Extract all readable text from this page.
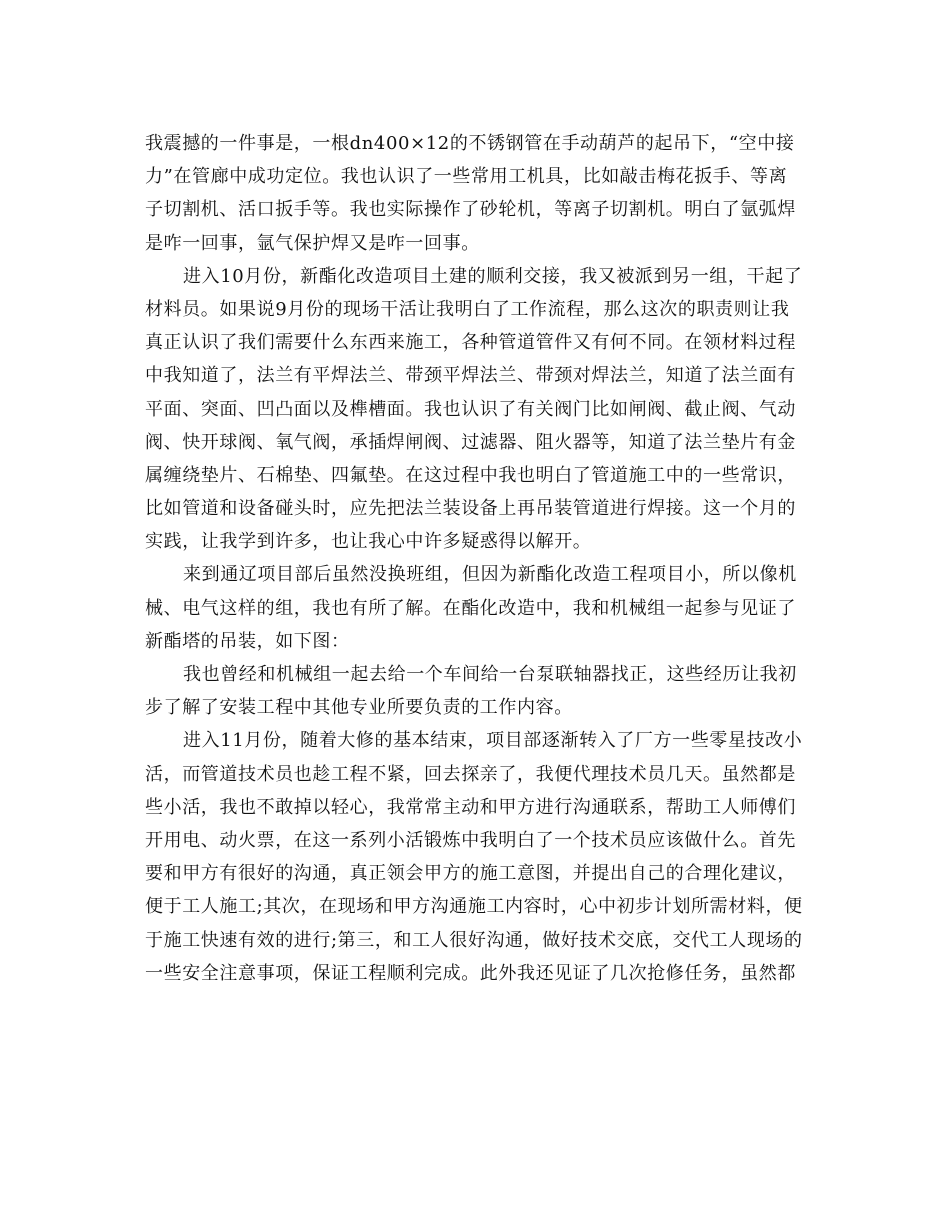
我震撼的一件事是，一根dn400×12的不锈钢管在手动葫芦的起吊下，“空中接
力”在管廊中成功定位。我也认识了一些常用工机具，比如敲击梅花扳手、等离
子切割机、活口扳手等。我也实际操作了砂轮机，等离子切割机。明白了氩弧焊
是咋一回事，氩气保护焊又是咋一回事。
进入10月份，新酯化改造项目土建的顺利交接，我又被派到另一组，干起了
材料员。如果说9月份的现场干活让我明白了工作流程，那么这次的职责则让我
真正认识了我们需要什么东西来施工，各种管道管件又有何不同。在领材料过程
中我知道了，法兰有平焊法兰、带颈平焊法兰、带颈对焊法兰，知道了法兰面有
平面、突面、凹凸面以及榫槽面。我也认识了有关阀门比如闸阀、截止阀、气动
阀、快开球阀、氧气阀，承插焊闸阀、过滤器、阻火器等，知道了法兰垫片有金
属缠绕垫片、石棉垫、四氟垫。在这过程中我也明白了管道施工中的一些常识，
比如管道和设备碰头时，应先把法兰装设备上再吊装管道进行焊接。这一个月的
实践，让我学到许多，也让我心中许多疑惑得以解开。
来到通辽项目部后虽然没换班组，但因为新酯化改造工程项目小，所以像机
械、电气这样的组，我也有所了解。在酯化改造中，我和机械组一起参与见证了
新酯塔的吊装，如下图：
我也曾经和机械组一起去给一个车间给一台泵联轴器找正，这些经历让我初
步了解了安装工程中其他专业所要负责的工作内容。
进入11月份，随着大修的基本结束，项目部逐渐转入了厂方一些零星技改小
活，而管道技术员也趁工程不紧，回去探亲了，我便代理技术员几天。虽然都是
些小活，我也不敢掉以轻心，我常常主动和甲方进行沟通联系，帮助工人师傅们
开用电、动火票，在这一系列小活锻炼中我明白了一个技术员应该做什么。首先
要和甲方有很好的沟通，真正领会甲方的施工意图，并提出自己的合理化建议，
便于工人施工;其次，在现场和甲方沟通施工内容时，心中初步计划所需材料，便
于施工快速有效的进行;第三，和工人很好沟通，做好技术交底，交代工人现场的
一些安全注意事项，保证工程顺利完成。此外我还见证了几次抢修任务，虽然都
